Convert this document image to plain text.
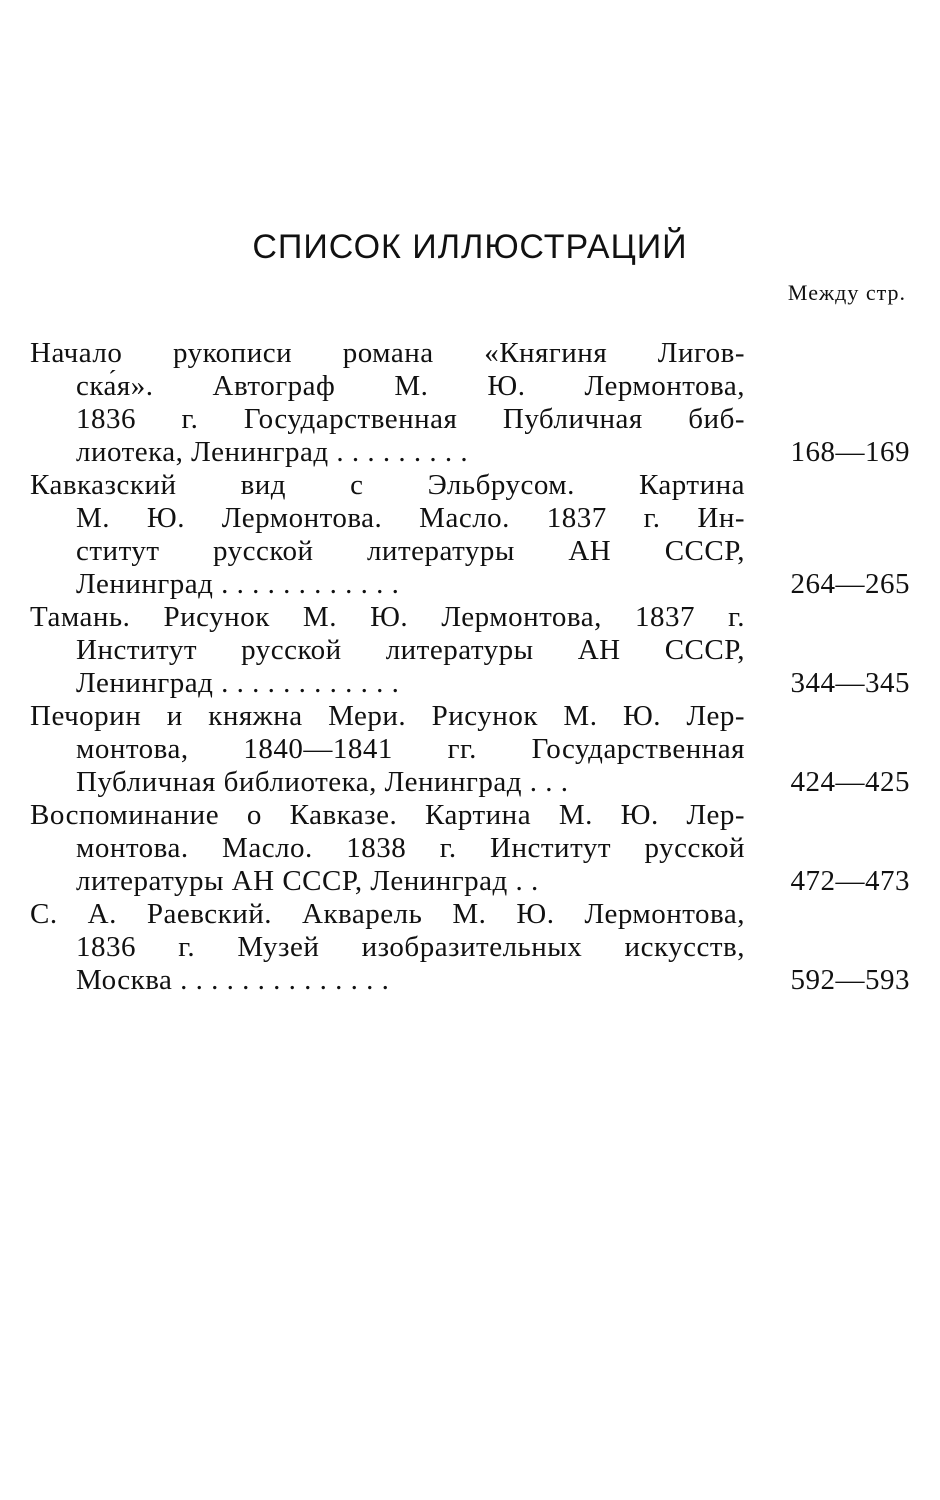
СПИСОК ИЛЛЮСТРАЦИЙ
Между стр.
Начало рукописи романа «Княгиня Лигов-
ска́я». Автограф М. Ю. Лермонтова,
1836 г. Государственная Публичная биб-
лиотека, Ленинград . . . . . . . . .	168—169
Кавказский вид с Эльбрусом. Картина
М. Ю. Лермонтова. Масло. 1837 г. Ин-
ститут русской литературы АН СССР,
Ленинград . . . . . . . . . . . .	264—265
Тамань. Рисунок М. Ю. Лермонтова, 1837 г.
Институт русской литературы АН СССР,
Ленинград . . . . . . . . . . . .	344—345
Печорин и княжна Мери. Рисунок М. Ю. Лер-
монтова, 1840—1841 гг. Государственная
Публичная библиотека, Ленинград . . .	424—425
Воспоминание о Кавказе. Картина М. Ю. Лер-
монтова. Масло. 1838 г. Институт русской
литературы АН СССР, Ленинград . .	472—473
С. А. Раевский. Акварель М. Ю. Лермонтова,
1836 г. Музей изобразительных искусств,
Москва . . . . . . . . . . . . . .	592—593
